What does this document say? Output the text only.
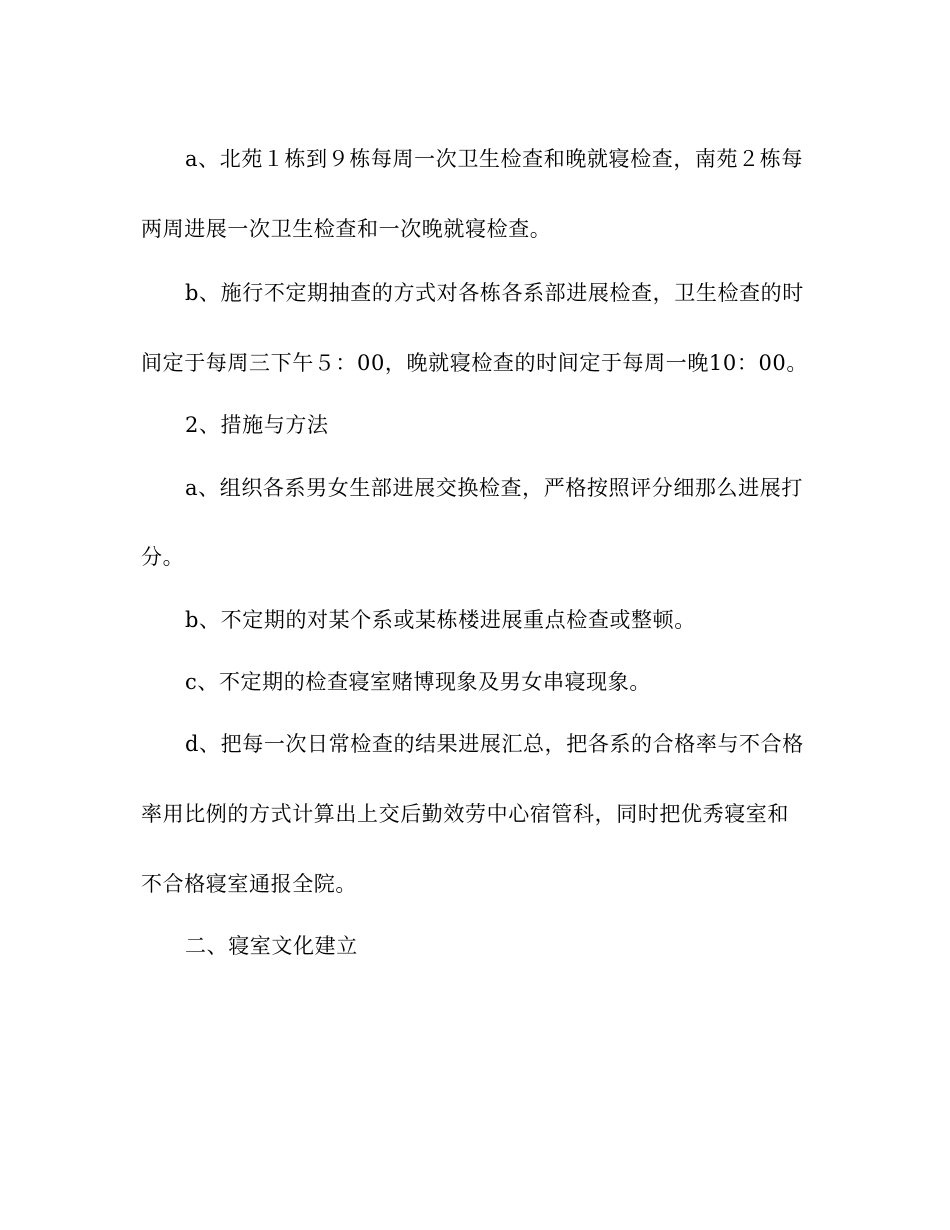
a、北苑１栋到９栋每周一次卫生检查和晚就寝检查，南苑２栋每
两周进展一次卫生检查和一次晚就寝检查。
b、施行不定期抽查的方式对各栋各系部进展检查，卫生检查的时
间定于每周三下午５：00，晚就寝检查的时间定于每周一晚10：00。
2、措施与方法
a、组织各系男女生部进展交换检查，严格按照评分细那么进展打
分。
b、不定期的对某个系或某栋楼进展重点检查或整顿。
c、不定期的检查寝室赌博现象及男女串寝现象。
d、把每一次日常检查的结果进展汇总，把各系的合格率与不合格
率用比例的方式计算出上交后勤效劳中心宿管科，同时把优秀寝室和
不合格寝室通报全院。
二、寝室文化建立
